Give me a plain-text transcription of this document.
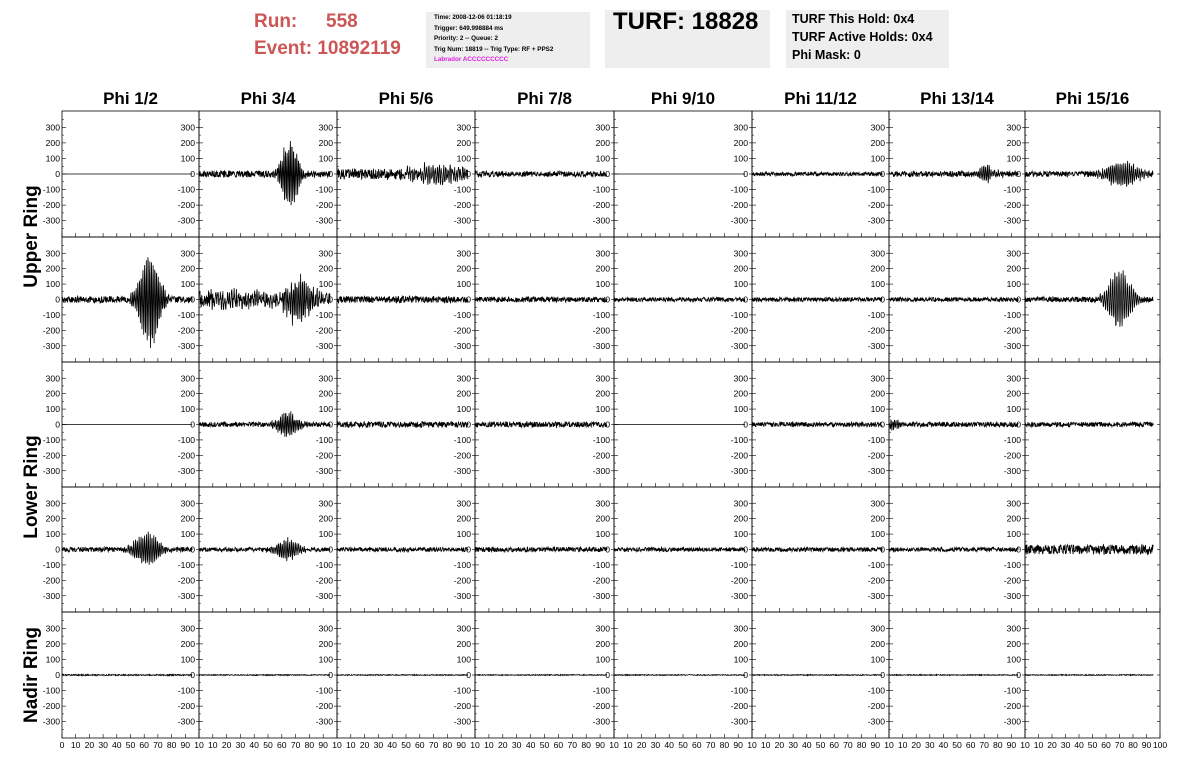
Run:	558
Event:
10892119
Time: 2008-12-06 01:18:19
Trigger: 649.998884 ms
Priority: 2 -- Queue: 2
Trig Num: 18819 -- Trig Type: RF + PPS2
Labrador ACCCCCCCCC
TURF: 18828	TURF This Hold: 0x4
TURF Active Holds: 0x4
Phi Mask: 0
Phi 1/2	Phi 3/4	Phi 5/6	Phi 7/8	Phi 9/10	Phi 11/12	Phi 13/14	Phi 15/16
Upper Ring
Lower Ring
Nadir Ring
300
200
100
0
-100
-200
-300
300
200
100
0
-100
-200
-300
300
200
100
0
-100
-200
-300
300
200
100
0
-100
-200
-300
300
200
100
0
-100
-200
-300
300
200
100
0
-100
-200
-300
300
200
100
0
-100
-200
-300
300
200
100
0
-100
-200
-300
300
200
100
0
-100
-200
-300
300
200
100
0
-100
-200
-300
300
200
100
0
-100
-200
-300
300
200
100
0
-100
-200
-300
300
200
100
0
-100
-200
-300
300
200
100
0
-100
-200
-300
300
200
100
0
-100
-200
-300
300
200
100
0
-100
-200
-300
300
200
100
0
-100
-200
-300
300
200
100
0
-100
-200
-300
300
200
100
0
-100
-200
-300
300
200
100
0
-100
-200
-300
300
200
100
0
-100
-200
-300
300
200
100
0
-100
-200
-300
300
200
100
0
-100
-200
-300
300
200
100
0
-100
-200
-300
300
200
100
0
-100
-200
-300
300
200
100
0
-100
-200
-300
300
200
100
0
-100
-200
-300
300
200
100
0
-100
-200
-300
300
200
100
0
-100
-200
-300
300
200
100
0
-100
-200
-300
300
200
100
0
-100
-200
-300
300
200
100
0
-100
-200
-300
300
200
100
0
-100
-200
-300
300
200
100
0
-100
-200
-300
300
200
100
0
-100
-200
-300
300
200
100
0
-100
-200
-300
300
200
100
0
-100
-200
-300
300
200
100
0
-100
-200
-300
300
200
100
0
-100
-200
-300
300
200
100
0
-100
-200
-300
0 10 20 30 40 50 60 70 80 90 10 10 20 30 40 50 60 70 80 90 10 10 20 30 40 50 60 70 80 90 10 10 20 30 40 50 60 70 80 90 10 10 20 30 40 50 60 70 80 90 10 10 20 30 40 50 60 70 80 90 10 10 20 30 40 50 60 70 80 90 10 10 20 30 40 50 60 70 80 90 100
